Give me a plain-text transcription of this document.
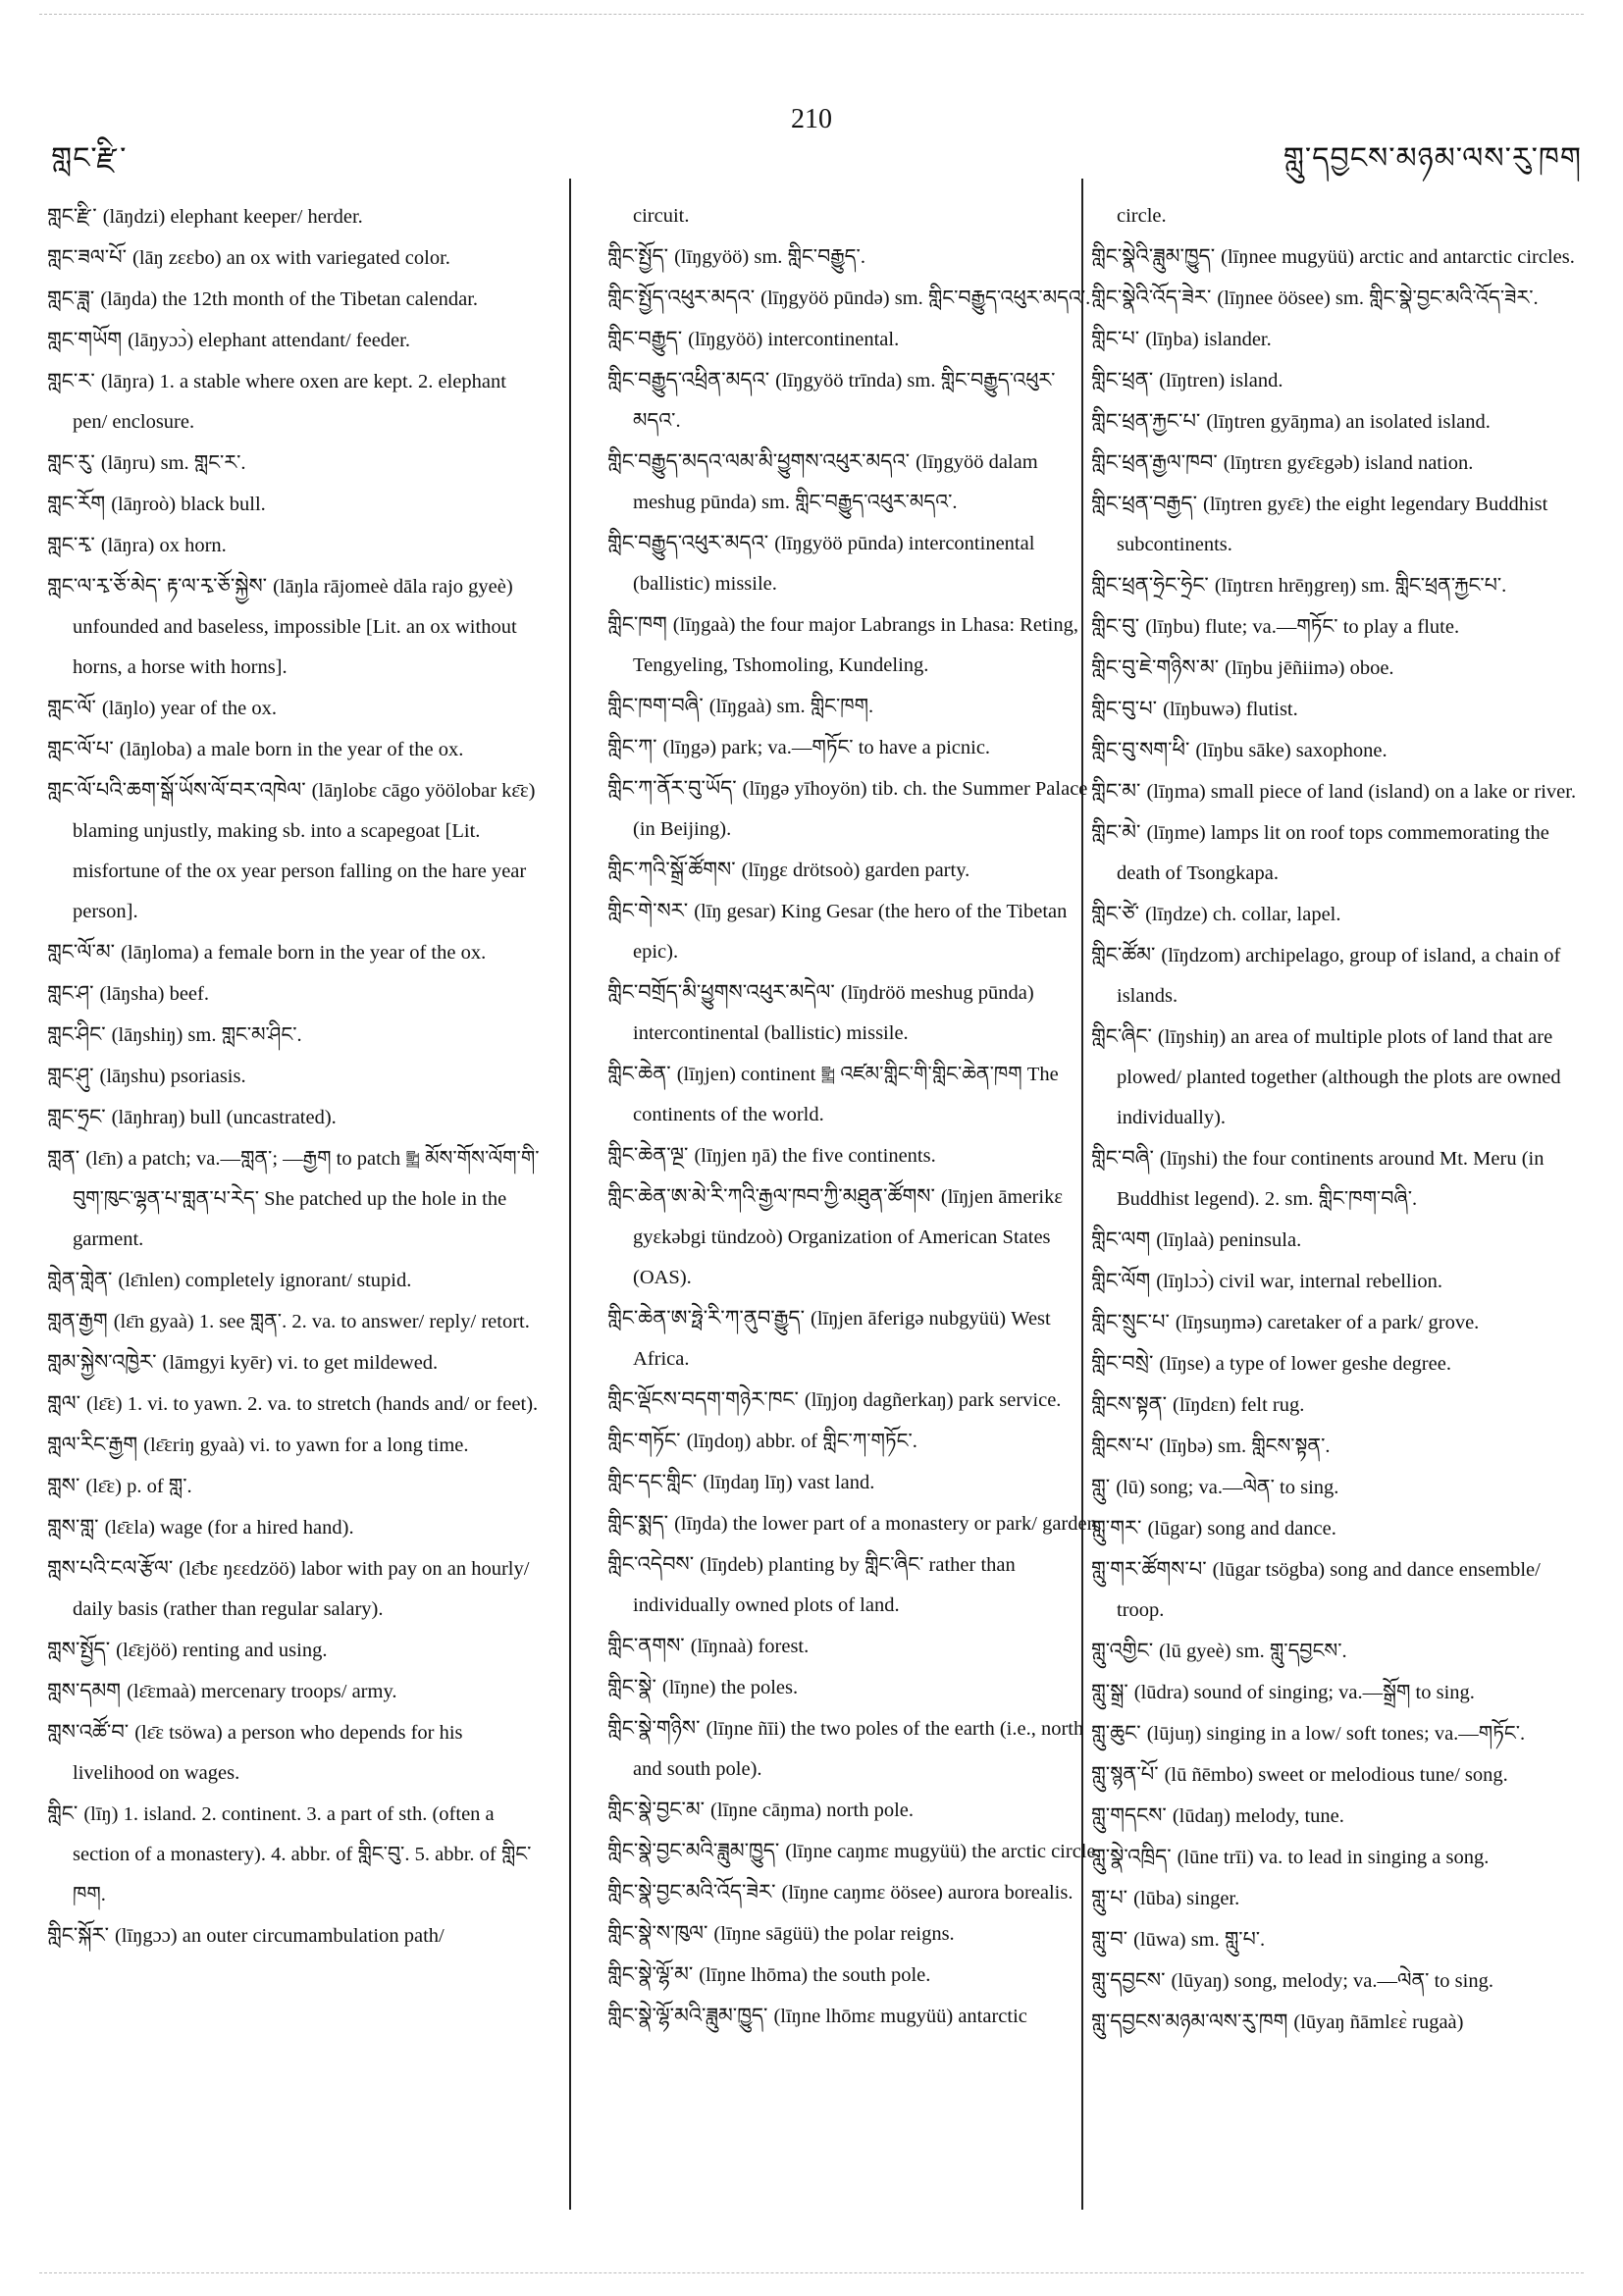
གླང་རྫི་
210
གླུ་དབྱངས་མཉམ་ལས་རུ་ཁག

གླང་རྫི་ (lāŋdzi) elephant keeper/ herder.

གླང་ཟལ་པོ་ (lāŋ zɛɛbo) an ox with variegated color.

གླང་ཟླ་ (lāŋda) the 12th month of the Tibetan calendar.

གླང་གཡོག (lāŋyɔɔ̀) elephant attendant/ feeder.

གླང་ར་ (lāŋra) 1. a stable where oxen are kept. 2. elephant pen/ enclosure.

གླང་རུ་ (lāŋru) sm. གླང་ར་.

གླང་རོག (lāŋroò) black bull.

གླང་རྭ་ (lāŋra) ox horn.

གླང་ལ་རྭ་ཅོ་མེད་ རྟ་ལ་རྭ་ཅོ་སྐྱེས་ (lāŋla rājomeè dāla rajo gyeè) unfounded and baseless, impossible [Lit. an ox without horns, a horse with horns].

གླང་ལོ་ (lāŋlo) year of the ox.

གླང་ལོ་པ་ (lāŋloba) a male born in the year of the ox.

གླང་ལོ་པའི་ཆག་སྒོ་ཡོས་ལོ་བར་འཁེལ་ (lāŋlobɛ cāgo yöölobar kɛ̄ɛ) blaming unjustly, making sb. into a scapegoat [Lit. misfortune of the ox year person falling on the hare year person].

གླང་ལོ་མ་ (lāŋloma) a female born in the year of the ox.

གླང་ཤ་ (lāŋsha) beef.

གླང་ཤིང་ (lāŋshiŋ) sm. གླང་མ་ཤིང་.

གླང་ཤུ་ (lāŋshu) psoriasis.

གླང་ཧྲང་ (lāŋhraŋ) bull (uncastrated).

གླན་ (lɛ̄n) a patch; va.—གླན་; —རྒྱག to patch ༖ མོས་གོས་ལོག་གི་བུག་ཁུང་ལྷན་པ་གླན་པ་རེད་ She patched up the hole in the garment.

གླེན་གླེན་ (lɛ̄nlen) completely ignorant/ stupid.

གླན་རྒྱག (lɛ̄n gyaà) 1. see གླན་. 2. va. to answer/ reply/ retort.

གླམ་སྐྱེས་འཁྱེར་ (lāmgyi kyēr) vi. to get mildewed.

གླལ་ (lɛ̄ɛ) 1. vi. to yawn. 2. va. to stretch (hands and/ or feet).

གླལ་རིང་རྒྱག (lɛ̄ɛriŋ gyaà) vi. to yawn for a long time.

གླས་ (lɛ̄ɛ) p. of གླ་.

གླས་གླ་ (lɛ̄ɛla) wage (for a hired hand).

གླས་པའི་ངལ་རྩོལ་ (lɛ̄bɛ ŋɛɛdzöö) labor with pay on an hourly/ daily basis (rather than regular salary).

གླས་སྤྱོད་ (lɛ̄ɛjöö) renting and using.

གླས་དམག (lɛ̄ɛmaà) mercenary troops/ army.

གླས་འཚོ་བ་ (lɛ̄ɛ tsöwa) a person who depends for his livelihood on wages.

གླིང་ (līŋ) 1. island. 2. continent. 3. a part of sth. (often a section of a monastery). 4. abbr. of གླིང་བུ་. 5. abbr. of གླིང་ཁག.

གླིང་སྐོར་ (līŋgɔɔ) an outer circumambulation path/

circuit.

གླིང་སྤྱོད་ (līŋgyöö) sm. གླིང་བརྒྱུད་.

གླིང་སྤྱོད་འཕུར་མདའ་ (līŋgyöö pūndə) sm. གླིང་བརྒྱུད་འཕུར་མདའ་.

གླིང་བརྒྱུད་ (līŋgyöö) intercontinental.

གླིང་བརྒྱུད་འཕྲིན་མདའ་ (līŋgyöö trīnda) sm. གླིང་བརྒྱུད་འཕུར་མདའ་.

གླིང་བརྒྱུད་མདའ་ལམ་མི་ཕྱུགས་འཕུར་མདའ་ (līŋgyöö dalam meshug pūnda) sm. གླིང་བརྒྱུད་འཕུར་མདའ་.

གླིང་བརྒྱུད་འཕུར་མདའ་ (līŋgyöö pūnda) intercontinental (ballistic) missile.

གླིང་ཁག (līŋgaà) the four major Labrangs in Lhasa: Reting, Tengyeling, Tshomoling, Kundeling.

གླིང་ཁག་བཞི་ (līŋgaà) sm. གླིང་ཁག.

གླིང་ཀ་ (līŋgə) park; va.—གཏོང་ to have a picnic.

གླིང་ཀ་ནོར་བུ་ཡོད་ (līŋgə yīhoyön) tib. ch. the Summer Palace (in Beijing).

གླིང་ཀའི་སྒྲོ་ཚོགས་ (līŋgɛ drötsoò) garden party.

གླིང་གེ་སར་ (līŋ gesar) King Gesar (the hero of the Tibetan epic).

གླིང་བགྲོད་མི་ཕྱུགས་འཕུར་མདེལ་ (līŋdröö meshug pūnda) intercontinental (ballistic) missile.

གླིང་ཆེན་ (līŋjen) continent ༖ འཛམ་གླིང་གི་གླིང་ཆེན་ཁག The continents of the world.

གླིང་ཆེན་ལྔ་ (līŋjen ŋā) the five continents.

གླིང་ཆེན་ཨ་མེ་རི་ཀའི་རྒྱལ་ཁབ་ཀྱི་མཐུན་ཚོགས་ (līŋjen āmerikɛ gyɛkəbgi tündzoò) Organization of American States (OAS).

གླིང་ཆེན་ཨ་ཧྥེ་རི་ཀ་ནུབ་རྒྱུད་ (līŋjen āferigə nubgyüü) West Africa.

གླིང་ལྡོངས་བདག་གཉེར་ཁང་ (līŋjoŋ dagñerkaŋ) park service.

གླིང་གཏོང་ (līŋdoŋ) abbr. of གླིང་ཀ་གཏོང་.

གླིང་དང་གླིང་ (līŋdaŋ līŋ) vast land.

གླིང་སྨད་ (līŋda) the lower part of a monastery or park/ garden.

གླིང་འདེབས་ (līŋdeb) planting by གླིང་ཞིང་ rather than individually owned plots of land.

གླིང་ནགས་ (līŋnaà) forest.

གླིང་སྣེ་ (līŋne) the poles.

གླིང་སྣེ་གཉིས་ (līŋne ñīi) the two poles of the earth (i.e., north and south pole).

གླིང་སྣེ་བྱང་མ་ (līŋne cāŋma) north pole.

གླིང་སྣེ་བྱང་མའི་ཟླུམ་ཁྱུད་ (līŋne caŋmɛ mugyüü) the arctic circle.

གླིང་སྣེ་བྱང་མའི་འོད་ཟེར་ (līŋne caŋmɛ öösee) aurora borealis.

གླིང་སྣེ་ས་ཁུལ་ (līŋne sāgüü) the polar reigns.

གླིང་སྣེ་ལྷོ་མ་ (līŋne lhōma) the south pole.

གླིང་སྣེ་ལྷོ་མའི་ཟླུམ་ཁྱུད་ (līŋne lhōmɛ mugyüü) antarctic

circle.

གླིང་སྣེའི་ཟླུམ་ཁྱུད་ (līŋnee mugyüü) arctic and antarctic circles.

གླིང་སྣེའི་འོད་ཟེར་ (līŋnee öösee) sm. གླིང་སྣེ་བྱང་མའི་འོད་ཟེར་.

གླིང་པ་ (līŋba) islander.

གླིང་ཕྲན་ (līŋtren) island.

གླིང་ཕྲན་རྐྱང་པ་ (līŋtren gyāŋma) an isolated island.

གླིང་ཕྲན་རྒྱལ་ཁབ་ (līŋtrɛn gyɛ̄ɛgəb) island nation.

གླིང་ཕྲན་བརྒྱད་ (līŋtren gyɛ̄ɛ) the eight legendary Buddhist subcontinents.

གླིང་ཕྲན་ཧྲེང་ཧྲེང་ (līŋtrɛn hrēŋgreŋ) sm. གླིང་ཕྲན་རྐྱང་པ་.

གླིང་བུ་ (līŋbu) flute; va.—གཏོང་ to play a flute.

གླིང་བུ་ཇེ་གཉིས་མ་ (līŋbu jēñiimə) oboe.

གླིང་བུ་པ་ (līŋbuwə) flutist.

གླིང་བུ་སག་ཕི་ (līŋbu sāke) saxophone.

གླིང་མ་ (līŋma) small piece of land (island) on a lake or river.

གླིང་མེ་ (līŋme) lamps lit on roof tops commemorating the death of Tsongkapa.

གླིང་ཙེ་ (līŋdze) ch. collar, lapel.

གླིང་ཚོམ་ (līŋdzom) archipelago, group of island, a chain of islands.

གླིང་ཞིང་ (līŋshiŋ) an area of multiple plots of land that are plowed/ planted together (although the plots are owned individually).

གླིང་བཞི་ (līŋshi) the four continents around Mt. Meru (in Buddhist legend). 2. sm. གླིང་ཁག་བཞི་.

གླིང་ལག (līŋlaà) peninsula.

གླིང་ལོག (līŋlɔɔ̀) civil war, internal rebellion.

གླིང་སྲུང་པ་ (līŋsuŋmə) caretaker of a park/ grove.

གླིང་བསྲེ་ (līŋse) a type of lower geshe degree.

གླིངས་སྟན་ (līŋdɛn) felt rug.

གླིངས་པ་ (līŋbə) sm. གླིངས་སྟན་.

གླུ་ (lū) song; va.—ལེན་ to sing.

གླུ་གར་ (lūgar) song and dance.

གླུ་གར་ཚོགས་པ་ (lūgar tsögba) song and dance ensemble/ troop.

གླུ་འགྱིང་ (lū gyeè) sm. གླུ་དབྱངས་.

གླུ་སྒྲ་ (lūdra) sound of singing; va.—སྒྲོག to sing.

གླུ་ཆུང་ (lūjuŋ) singing in a low/ soft tones; va.—གཏོང་.

གླུ་སྙན་པོ་ (lū ñēmbo) sweet or melodious tune/ song.

གླུ་གདངས་ (lūdaŋ) melody, tune.

གླུ་སྣེ་འཁྲིད་ (lūne trīi) va. to lead in singing a song.

གླུ་པ་ (lūba) singer.

གླུ་བ་ (lūwa) sm. གླུ་པ་.

གླུ་དབྱངས་ (lūyaŋ) song, melody; va.—ལེན་ to sing.

གླུ་དབྱངས་མཉམ་ལས་རུ་ཁག (lūyaŋ ñāmlɛɛ̀ rugaà)
